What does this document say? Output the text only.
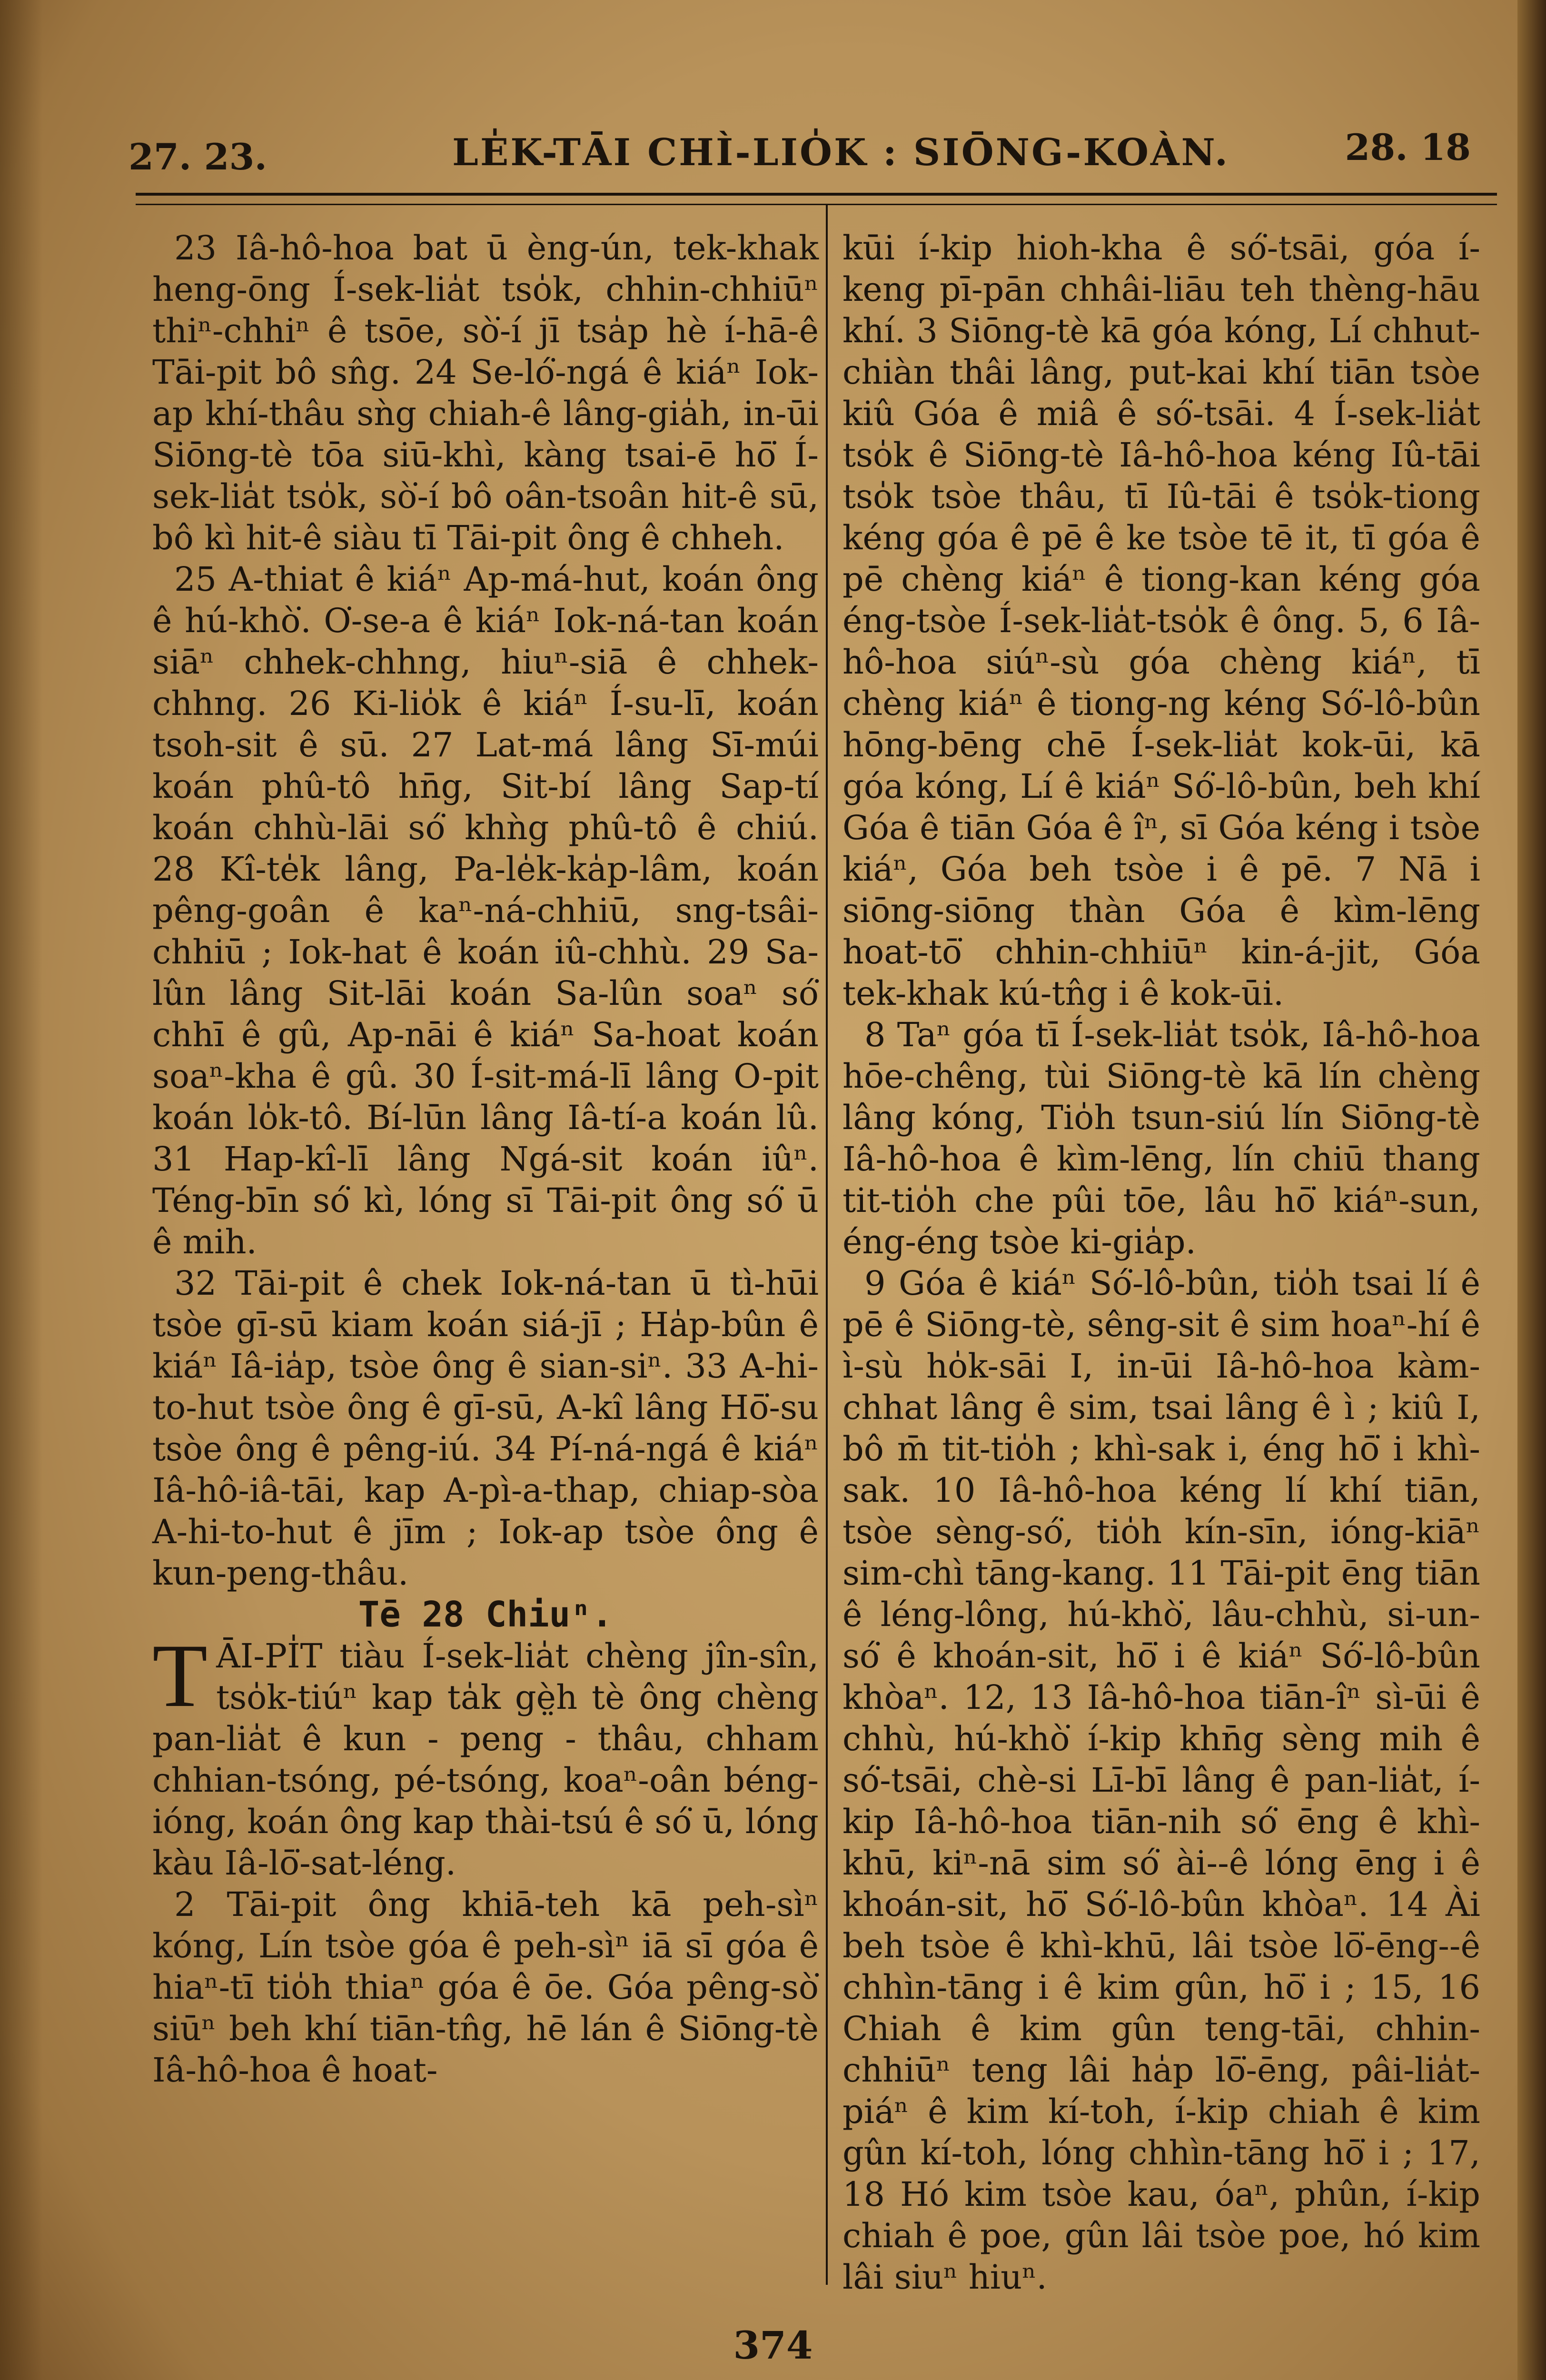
27. 23.	LE̍K-TĀI CHÌ-LIO̍K : SIŌNG-KOÀN.	28. 18

23 Iâ-hô-hoa bat ū èng-ún, tek-khak heng-ōng Í-sek-lia̍t tso̍k, chhin-chhiūⁿ thiⁿ-chhiⁿ ê tsōe, sò͘-í jī tsa̍p hè í-hā-ê Tāi-pit bô sn̂g. 24 Se-ló͘-ngá ê kiáⁿ Iok-ap khí-thâu sǹg chiah-ê lâng-gia̍h, in-ūi Siōng-tè tōa siū-khì, kàng tsai-ē hō͘ Í-sek-lia̍t tso̍k, sò͘-í bô oân-tsoân hit-ê sū, bô kì hit-ê siàu tī Tāi-pit ông ê chheh.

25 A-thiat ê kiáⁿ Ap-má-hut, koán ông ê hú-khò͘. O͘-se-a ê kiáⁿ Iok-ná-tan koán siāⁿ chhek-chhng, hiuⁿ-siā ê chhek-chhng. 26 Ki-lio̍k ê kiáⁿ Í-su-lī, koán tsoh-sit ê sū. 27 Lat-má lâng Sī-múi koán phû-tô hn̄g, Sit-bí lâng Sap-tí koán chhù-lāi só͘ khǹg phû-tô ê chiú. 28 Kî-te̍k lâng, Pa-le̍k-ka̍p-lâm, koán pêng-goân ê kaⁿ-ná-chhiū, sng-tsâi-chhiū ; Iok-hat ê koán iû-chhù. 29 Sa-lûn lâng Sit-lāi koán Sa-lûn soaⁿ só͘ chhī ê gû, Ap-nāi ê kiáⁿ Sa-hoat koán soaⁿ-kha ê gû. 30 Í-sit-má-lī lâng O-pit koán lo̍k-tô. Bí-lūn lâng Iâ-tí-a koán lû. 31 Hap-kî-lī lâng Ngá-sit koán iûⁿ. Téng-bīn só͘ kì, lóng sī Tāi-pit ông só͘ ū ê mih.

32 Tāi-pit ê chek Iok-ná-tan ū tì-hūi tsòe gī-sū kiam koán siá-jī ; Ha̍p-bûn ê kiáⁿ Iâ-ia̍p, tsòe ông ê sian-siⁿ. 33 A-hi-to-hut tsòe ông ê gī-sū, A-kî lâng Hō͘-su tsòe ông ê pêng-iú. 34 Pí-ná-ngá ê kiáⁿ Iâ-hô-iâ-tāi, kap A-pì-a-thap, chiap-sòa A-hi-to-hut ê jīm ; Iok-ap tsòe ông ê kun-peng-thâu.

Tē 28 Chiuⁿ.

TĀI-PI̍T tiàu Í-sek-lia̍t chèng jîn-sîn, tso̍k-tiúⁿ kap ta̍k gè̤h tè ông chèng pan-lia̍t ê kun - peng - thâu, chham chhian-tsóng, pé-tsóng, koaⁿ-oân béng-ióng, koán ông kap thài-tsú ê só͘ ū, lóng kàu Iâ-lō͘-sat-léng.

2 Tāi-pit ông khiā-teh kā peh-sìⁿ kóng, Lín tsòe góa ê peh-sìⁿ iā sī góa ê hiaⁿ-tī tio̍h thiaⁿ góa ê ōe. Góa pêng-sò͘ siūⁿ beh khí tiān-tn̂g, hē lán ê Siōng-tè Iâ-hô-hoa ê hoat-

kūi í-kip hioh-kha ê só͘-tsāi, góa í-keng pī-pān chhâi-liāu teh thèng-hāu khí. 3 Siōng-tè kā góa kóng, Lí chhut-chiàn thâi lâng, put-kai khí tiān tsòe kiû Góa ê miâ ê só͘-tsāi. 4 Í-sek-lia̍t tso̍k ê Siōng-tè Iâ-hô-hoa kéng Iû-tāi tso̍k tsòe thâu, tī Iû-tāi ê tso̍k-tiong kéng góa ê pē ê ke tsòe tē it, tī góa ê pē chèng kiáⁿ ê tiong-kan kéng góa éng-tsòe Í-sek-lia̍t-tso̍k ê ông. 5, 6 Iâ-hô-hoa siúⁿ-sù góa chèng kiáⁿ, tī chèng kiáⁿ ê tiong-ng kéng Só͘-lô-bûn hōng-bēng chē Í-sek-lia̍t kok-ūi, kā góa kóng, Lí ê kiáⁿ Só͘-lô-bûn, beh khí Góa ê tiān Góa ê îⁿ, sī Góa kéng i tsòe kiáⁿ, Góa beh tsòe i ê pē. 7 Nā i siōng-siōng thàn Góa ê kìm-lēng hoat-tō͘ chhin-chhiūⁿ kin-á-jit, Góa tek-khak kú-tn̂g i ê kok-ūi.

8 Taⁿ góa tī Í-sek-lia̍t tso̍k, Iâ-hô-hoa hōe-chêng, tùi Siōng-tè kā lín chèng lâng kóng, Tio̍h tsun-siú lín Siōng-tè Iâ-hô-hoa ê kìm-lēng, lín chiū thang tit-tio̍h che pûi tōe, lâu hō͘ kiáⁿ-sun, éng-éng tsòe ki-gia̍p.

9 Góa ê kiáⁿ Só͘-lô-bûn, tio̍h tsai lí ê pē ê Siōng-tè, sêng-sit ê sim hoaⁿ-hí ê ì-sù ho̍k-sāi I, in-ūi Iâ-hô-hoa kàm-chhat lâng ê sim, tsai lâng ê ì ; kiû I, bô m̄ tit-tio̍h ; khì-sak i, éng hō͘ i khì-sak. 10 Iâ-hô-hoa kéng lí khí tiān, tsòe sèng-só͘, tio̍h kín-sīn, ióng-kiāⁿ sim-chì tāng-kang. 11 Tāi-pit ēng tiān ê léng-lông, hú-khò͘, lâu-chhù, si-un-só͘ ê khoán-sit, hō͘ i ê kiáⁿ Só͘-lô-bûn khòaⁿ. 12, 13 Iâ-hô-hoa tiān-îⁿ sì-ūi ê chhù, hú-khò͘ í-kip khn̄g sèng mih ê só͘-tsāi, chè-si Lī-bī lâng ê pan-lia̍t, í-kip Iâ-hô-hoa tiān-nih só͘ ēng ê khì-khū, kiⁿ-nā sim só͘ ài--ê lóng ēng i ê khoán-sit, hō͘ Só͘-lô-bûn khòaⁿ. 14 Ài beh tsòe ê khì-khū, lâi tsòe lō͘-ēng--ê chhìn-tāng i ê kim gûn, hō͘ i ; 15, 16 Chiah ê kim gûn teng-tāi, chhin-chhiūⁿ teng lâi ha̍p lō͘-ēng, pâi-lia̍t-piáⁿ ê kim kí-toh, í-kip chiah ê kim gûn kí-toh, lóng chhìn-tāng hō͘ i ; 17, 18 Hó kim tsòe kau, óaⁿ, phûn, í-kip chiah ê poe, gûn lâi tsòe poe, hó kim lâi siuⁿ hiuⁿ.

374
